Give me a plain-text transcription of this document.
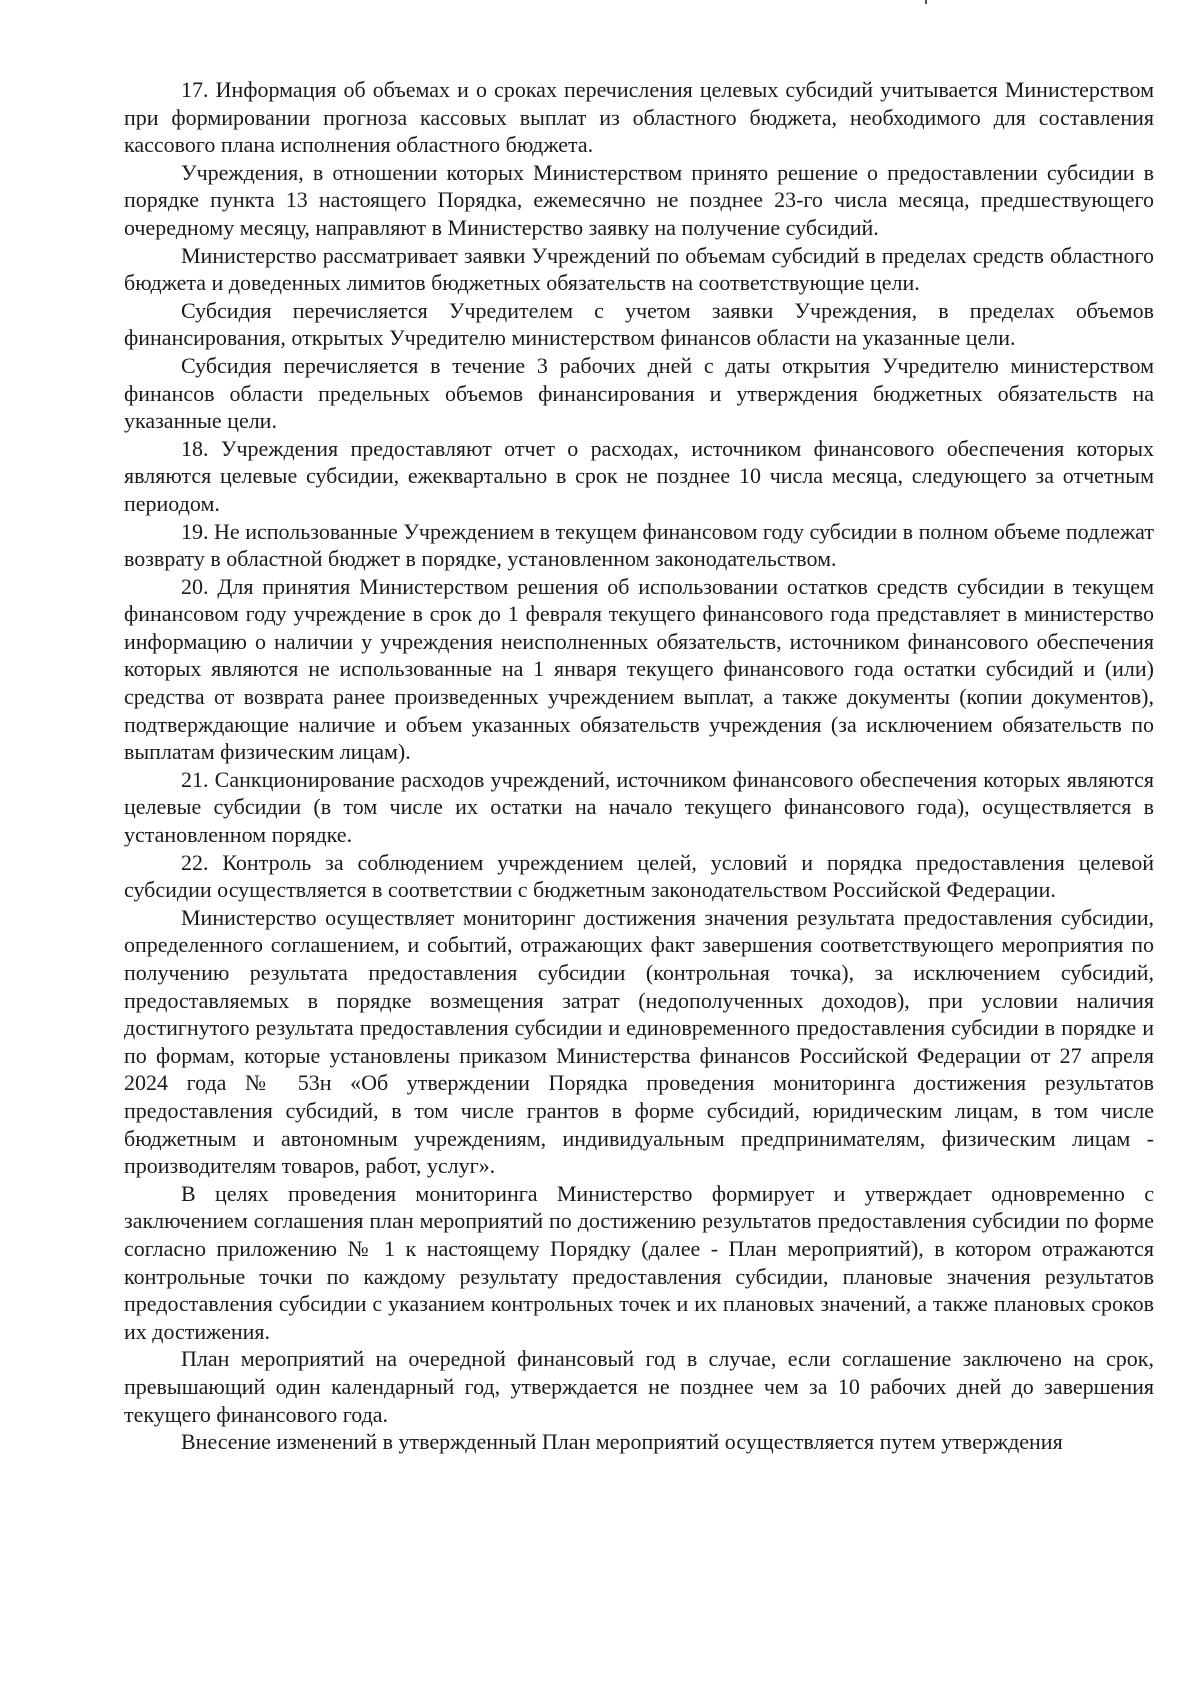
17. Информация об объемах и о сроках перечисления целевых субсидий учитывается Министерством при формировании прогноза кассовых выплат из областного бюджета, необходимого для составления кассового плана исполнения областного бюджета.

Учреждения, в отношении которых Министерством принято решение о предоставлении субсидии в порядке пункта 13 настоящего Порядка, ежемесячно не позднее 23-го числа месяца, предшествующего очередному месяцу, направляют в Министерство заявку на получение субсидий.

Министерство рассматривает заявки Учреждений по объемам субсидий в пределах средств областного бюджета и доведенных лимитов бюджетных обязательств на соответствующие цели.

Субсидия перечисляется Учредителем с учетом заявки Учреждения, в пределах объемов финансирования, открытых Учредителю министерством финансов области на указанные цели.

Субсидия перечисляется в течение 3 рабочих дней с даты открытия Учредителю министерством финансов области предельных объемов финансирования и утверждения бюджетных обязательств на указанные цели.

18. Учреждения предоставляют отчет о расходах, источником финансового обеспечения которых являются целевые субсидии, ежеквартально в срок не позднее 10 числа месяца, следующего за отчетным периодом.

19. Не использованные Учреждением в текущем финансовом году субсидии в полном объеме подлежат возврату в областной бюджет в порядке, установленном законодательством.

20. Для принятия Министерством решения об использовании остатков средств субсидии в текущем финансовом году учреждение в срок до 1 февраля текущего финансового года представляет в министерство информацию о наличии у учреждения неисполненных обязательств, источником финансового обеспечения которых являются не использованные на 1 января текущего финансового года остатки субсидий и (или) средства от возврата ранее произведенных учреждением выплат, а также документы (копии документов), подтверждающие наличие и объем указанных обязательств учреждения (за исключением обязательств по выплатам физическим лицам).

21. Санкционирование расходов учреждений, источником финансового обеспечения которых являются целевые субсидии (в том числе их остатки на начало текущего финансового года), осуществляется в установленном порядке.

22. Контроль за соблюдением учреждением целей, условий и порядка предоставления целевой субсидии осуществляется в соответствии с бюджетным законодательством Российской Федерации.

Министерство осуществляет мониторинг достижения значения результата предоставления субсидии, определенного соглашением, и событий, отражающих факт завершения соответствующего мероприятия по получению результата предоставления субсидии (контрольная точка), за исключением субсидий, предоставляемых в порядке возмещения затрат (недополученных доходов), при условии наличия достигнутого результата предоставления субсидии и единовременного предоставления субсидии в порядке и по формам, которые установлены приказом Министерства финансов Российской Федерации от 27 апреля 2024 года № 53н «Об утверждении Порядка проведения мониторинга достижения результатов предоставления субсидий, в том числе грантов в форме субсидий, юридическим лицам, в том числе бюджетным и автономным учреждениям, индивидуальным предпринимателям, физическим лицам - производителям товаров, работ, услуг».

В целях проведения мониторинга Министерство формирует и утверждает одновременно с заключением соглашения план мероприятий по достижению результатов предоставления субсидии по форме согласно приложению № 1 к настоящему Порядку (далее - План мероприятий), в котором отражаются контрольные точки по каждому результату предоставления субсидии, плановые значения результатов предоставления субсидии с указанием контрольных точек и их плановых значений, а также плановых сроков их достижения.

План мероприятий на очередной финансовый год в случае, если соглашение заключено на срок, превышающий один календарный год, утверждается не позднее чем за 10 рабочих дней до завершения текущего финансового года.

Внесение изменений в утвержденный План мероприятий осуществляется путем утверждения
